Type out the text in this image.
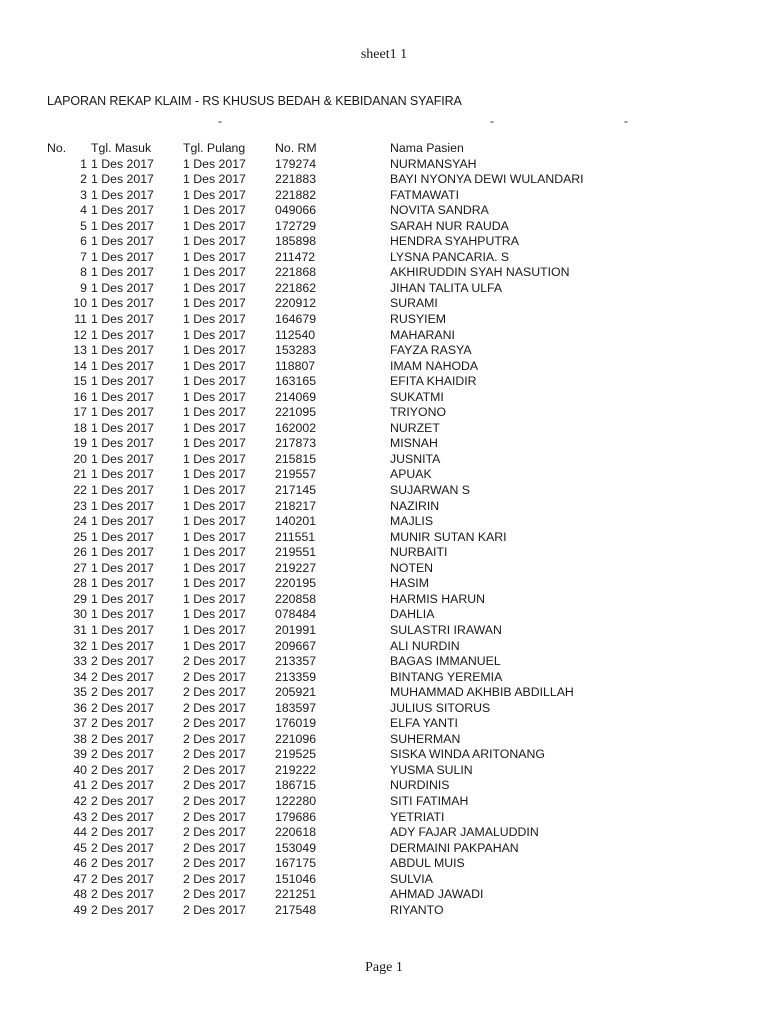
sheet1 1
LAPORAN REKAP KLAIM - RS KHUSUS BEDAH & KEBIDANAN SYAFIRA
-	-	-
No. Tgl. Masuk	Tgl. Pulang No. RM	Nama Pasien
1 1 Des 2017 1 Des 2017 179274	NURMANSYAH
2 1 Des 2017 1 Des 2017 221883	BAYI NYONYA DEWI WULANDARI
3 1 Des 2017 1 Des 2017 221882	FATMAWATI
4 1 Des 2017 1 Des 2017 049066	NOVITA SANDRA
5 1 Des 2017 1 Des 2017 172729	SARAH NUR RAUDA
6 1 Des 2017 1 Des 2017 185898	HENDRA SYAHPUTRA
7 1 Des 2017 1 Des 2017 211472	LYSNA PANCARIA. S
8 1 Des 2017 1 Des 2017 221868	AKHIRUDDIN SYAH NASUTION
9 1 Des 2017 1 Des 2017 221862	JIHAN TALITA ULFA
10 1 Des 2017 1 Des 2017 220912	SURAMI
11 1 Des 2017 1 Des 2017 164679	RUSYIEM
12 1 Des 2017 1 Des 2017 112540	MAHARANI
13 1 Des 2017 1 Des 2017 153283	FAYZA RASYA
14 1 Des 2017 1 Des 2017 118807	IMAM NAHODA
15 1 Des 2017 1 Des 2017 163165	EFITA KHAIDIR
16 1 Des 2017 1 Des 2017 214069	SUKATMI
17 1 Des 2017 1 Des 2017 221095	TRIYONO
18 1 Des 2017 1 Des 2017 162002	NURZET
19 1 Des 2017 1 Des 2017 217873	MISNAH
20 1 Des 2017 1 Des 2017 215815	JUSNITA
21 1 Des 2017 1 Des 2017 219557	APUAK
22 1 Des 2017 1 Des 2017 217145	SUJARWAN S
23 1 Des 2017 1 Des 2017 218217	NAZIRIN
24 1 Des 2017 1 Des 2017 140201	MAJLIS
25 1 Des 2017 1 Des 2017 211551	MUNIR SUTAN KARI
26 1 Des 2017 1 Des 2017 219551	NURBAITI
27 1 Des 2017 1 Des 2017 219227	NOTEN
28 1 Des 2017 1 Des 2017 220195	HASIM
29 1 Des 2017 1 Des 2017 220858	HARMIS HARUN
30 1 Des 2017 1 Des 2017 078484	DAHLIA
31 1 Des 2017 1 Des 2017 201991	SULASTRI IRAWAN
32 1 Des 2017 1 Des 2017 209667	ALI NURDIN
33 2 Des 2017 2 Des 2017 213357	BAGAS IMMANUEL
34 2 Des 2017 2 Des 2017 213359	BINTANG YEREMIA
35 2 Des 2017 2 Des 2017 205921	MUHAMMAD AKHBIB ABDILLAH
36 2 Des 2017 2 Des 2017 183597	JULIUS SITORUS
37 2 Des 2017 2 Des 2017 176019	ELFA YANTI
38 2 Des 2017 2 Des 2017 221096	SUHERMAN
39 2 Des 2017 2 Des 2017 219525	SISKA WINDA ARITONANG
40 2 Des 2017 2 Des 2017 219222	YUSMA SULIN
41 2 Des 2017 2 Des 2017 186715	NURDINIS
42 2 Des 2017 2 Des 2017 122280	SITI FATIMAH
43 2 Des 2017 2 Des 2017 179686	YETRIATI
44 2 Des 2017 2 Des 2017 220618	ADY FAJAR JAMALUDDIN
45 2 Des 2017 2 Des 2017 153049	DERMAINI PAKPAHAN
46 2 Des 2017 2 Des 2017 167175	ABDUL MUIS
47 2 Des 2017 2 Des 2017 151046	SULVIA
48 2 Des 2017 2 Des 2017 221251	AHMAD JAWADI
49 2 Des 2017 2 Des 2017 217548	RIYANTO
Page 1
